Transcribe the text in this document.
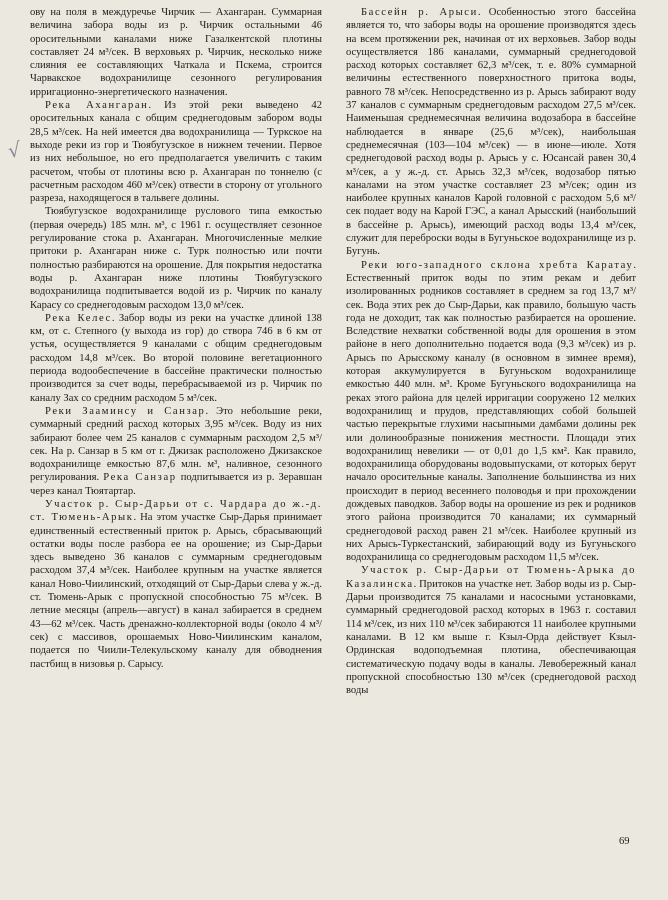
√

ову на поля в междуречье Чирчик — Ахангаран. Суммарная величина забора воды из р. Чирчик остальными 46 оросительными каналами ниже Газалкентской плотины составляет 24 м³/сек. В верховьях р. Чирчик, несколько ниже слияния ее составляющих Чаткала и Пскема, строится Чарвакское водохранилище сезонного регулирования ирригационно-энергетического назначения.

Река Ахангаран. Из этой реки выведено 42 оросительных канала с общим среднегодовым забором воды 28,5 м³/сек. На ней имеется два водохранилища — Туркское на выходе реки из гор и Тюябугузское в нижнем течении. Первое из них небольшое, но его предполагается увеличить с таким расчетом, чтобы от плотины всю р. Ахангаран по тоннелю (с расчетным расходом 460 м³/сек) отвести в сторону от угольного разреза, находящегося в тальвеге долины.

Тюябугузское водохранилище руслового типа емкостью (первая очередь) 185 млн. м³, с 1961 г. осуществляет сезонное регулирование стока р. Ахангаран. Многочисленные мелкие притоки р. Ахангаран ниже с. Турк полностью или почти полностью разбираются на орошение. Для покрытия недостатка воды р. Ахангаран ниже плотины Тюябугузского водохранилища подпитывается водой из р. Чирчик по каналу Карасу со среднегодовым расходом 13,0 м³/сек.

Река Келес. Забор воды из реки на участке длиной 138 км, от с. Степного (у выхода из гор) до створа 746 в 6 км от устья, осуществляется 9 каналами с общим среднегодовым расходом 14,8 м³/сек. Во второй половине вегетационного периода водообеспечение в бассейне практически полностью производится за счет воды, перебрасываемой из р. Чирчик по каналу Зах со средним расходом 5 м³/сек.

Реки Зааминсу и Санзар. Это небольшие реки, суммарный средний расход которых 3,95 м³/сек. Воду из них забирают более чем 25 каналов с суммарным расходом 2,5 м³/сек. На р. Санзар в 5 км от г. Джизак расположено Джизакское водохранилище емкостью 87,6 млн. м³, наливное, сезонного регулирования. Река Санзар подпитывается из р. Зеравшан через канал Тюятартар.

Участок р. Сыр-Дарьи от с. Чардара до ж.-д. ст. Тюмень-Арык. На этом участке Сыр-Дарья принимает единственный естественный приток р. Арысь, сбрасывающий остатки воды после разбора ее на орошение; из Сыр-Дарьи здесь выведено 36 каналов с суммарным среднегодовым расходом 37,4 м³/сек. Наиболее крупным на участке является канал Ново-Чиилинский, отходящий от Сыр-Дарьи слева у ж.-д. ст. Тюмень-Арык с пропускной способностью 75 м³/сек. В летние месяцы (апрель—август) в канал забирается в среднем 43—62 м³/сек. Часть дренажно-коллекторной воды (около 4 м³/сек) с массивов, орошаемых Ново-Чиилинским каналом, подается по Чиили-Телекульскому каналу для обводнения пастбищ в низовья р. Сарысу.

Бассейн р. Арыси. Особенностью этого бассейна является то, что заборы воды на орошение производятся здесь на всем протяжении рек, начиная от их верховьев. Забор воды осуществляется 186 каналами, суммарный среднегодовой расход которых составляет 62,3 м³/сек, т. е. 80% суммарной величины естественного поверхностного притока воды, равного 78 м³/сек. Непосредственно из р. Арысь забирают воду 37 каналов с суммарным среднегодовым расходом 27,5 м³/сек. Наименьшая среднемесячная величина водозабора в бассейне наблюдается в январе (25,6 м³/сек), наибольшая среднемесячная (103—104 м³/сек) — в июне—июле. Хотя среднегодовой расход воды р. Арысь у с. Юсансай равен 30,4 м³/сек, а у ж.-д. ст. Арысь 32,3 м³/сек, водозабор пятью каналами на этом участке составляет 23 м³/сек; один из наиболее крупных каналов Карой головной с расходом 5,6 м³/сек подает воду на Карой ГЭС, а канал Арысский (наибольший в бассейне р. Арысь), имеющий расход воды 13,4 м³/сек, служит для переброски воды в Бугуньское водохранилище из р. Бугунь.

Реки юго-западного склона хребта Каратау. Естественный приток воды по этим рекам и дебит изолированных родников составляет в среднем за год 13,7 м³/сек. Вода этих рек до Сыр-Дарьи, как правило, большую часть года не доходит, так как полностью разбирается на орошение. Вследствие нехватки собственной воды для орошения в этом районе в него дополнительно подается вода (9,3 м³/сек) из р. Арысь по Арысскому каналу (в основном в зимнее время), которая аккумулируется в Бугуньском водохранилище емкостью 440 млн. м³. Кроме Бугуньского водохранилища на реках этого района для целей ирригации сооружено 12 мелких водохранилищ и прудов, представляющих собой большей частью перекрытые глухими насыпными дамбами долины рек или долинообразные понижения местности. Площади этих водохранилищ невелики — от 0,01 до 1,5 км². Как правило, водохранилища оборудованы водовыпусками, от которых берут начало оросительные каналы. Заполнение большинства из них происходит в период весеннего половодья и при прохождении дождевых паводков. Забор воды на орошение из рек и родников этого района производится 70 каналами; их суммарный среднегодовой расход равен 21 м³/сек. Наиболее крупный из них Арысь-Туркестанский, забирающий воду из Бугуньского водохранилища со среднегодовым расходом 11,5 м³/сек.

Участок р. Сыр-Дарьи от Тюмень-Арыка до Казалинска. Притоков на участке нет. Забор воды из р. Сыр-Дарьи производится 75 каналами и насосными установками, суммарный среднегодовой расход которых в 1963 г. составил 114 м³/сек, из них 110 м³/сек забираются 11 наиболее крупными каналами. В 12 км выше г. Кзыл-Орда действует Кзыл-Ординская водоподъемная плотина, обеспечивающая систематическую подачу воды в каналы. Левобережный канал пропускной способностью 130 м³/сек (среднегодовой расход воды

69
